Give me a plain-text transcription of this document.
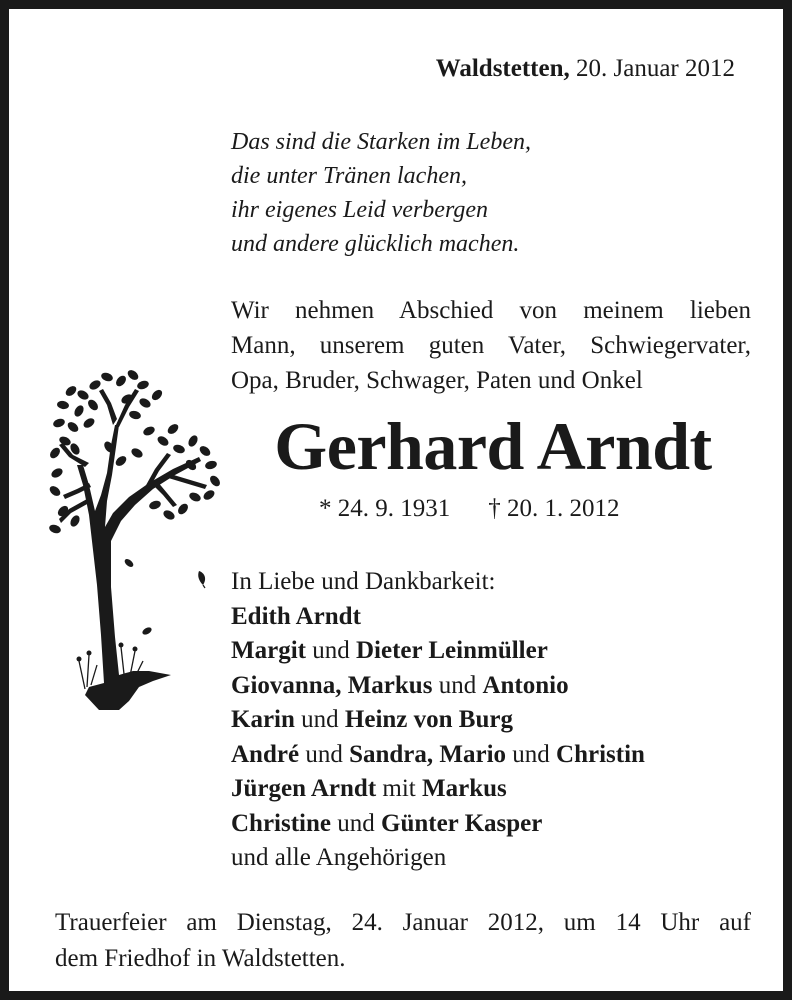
Waldstetten, 20. Januar 2012
Das sind die Starken im Leben,
die unter Tränen lachen,
ihr eigenes Leid verbergen
und andere glücklich machen.
Wir nehmen Abschied von meinem lieben
Mann, unserem guten Vater, Schwiegervater,
Opa, Bruder, Schwager, Paten und Onkel
Gerhard Arndt
* 24. 9. 1931 † 20. 1. 2012
In Liebe und Dankbarkeit:
Edith Arndt
Margit und Dieter Leinmüller
Giovanna, Markus und Antonio
Karin und Heinz von Burg
André und Sandra, Mario und Christin
Jürgen Arndt mit Markus
Christine und Günter Kasper
und alle Angehörigen
Trauerfeier am Dienstag, 24. Januar 2012, um 14 Uhr auf
dem Friedhof in Waldstetten.
